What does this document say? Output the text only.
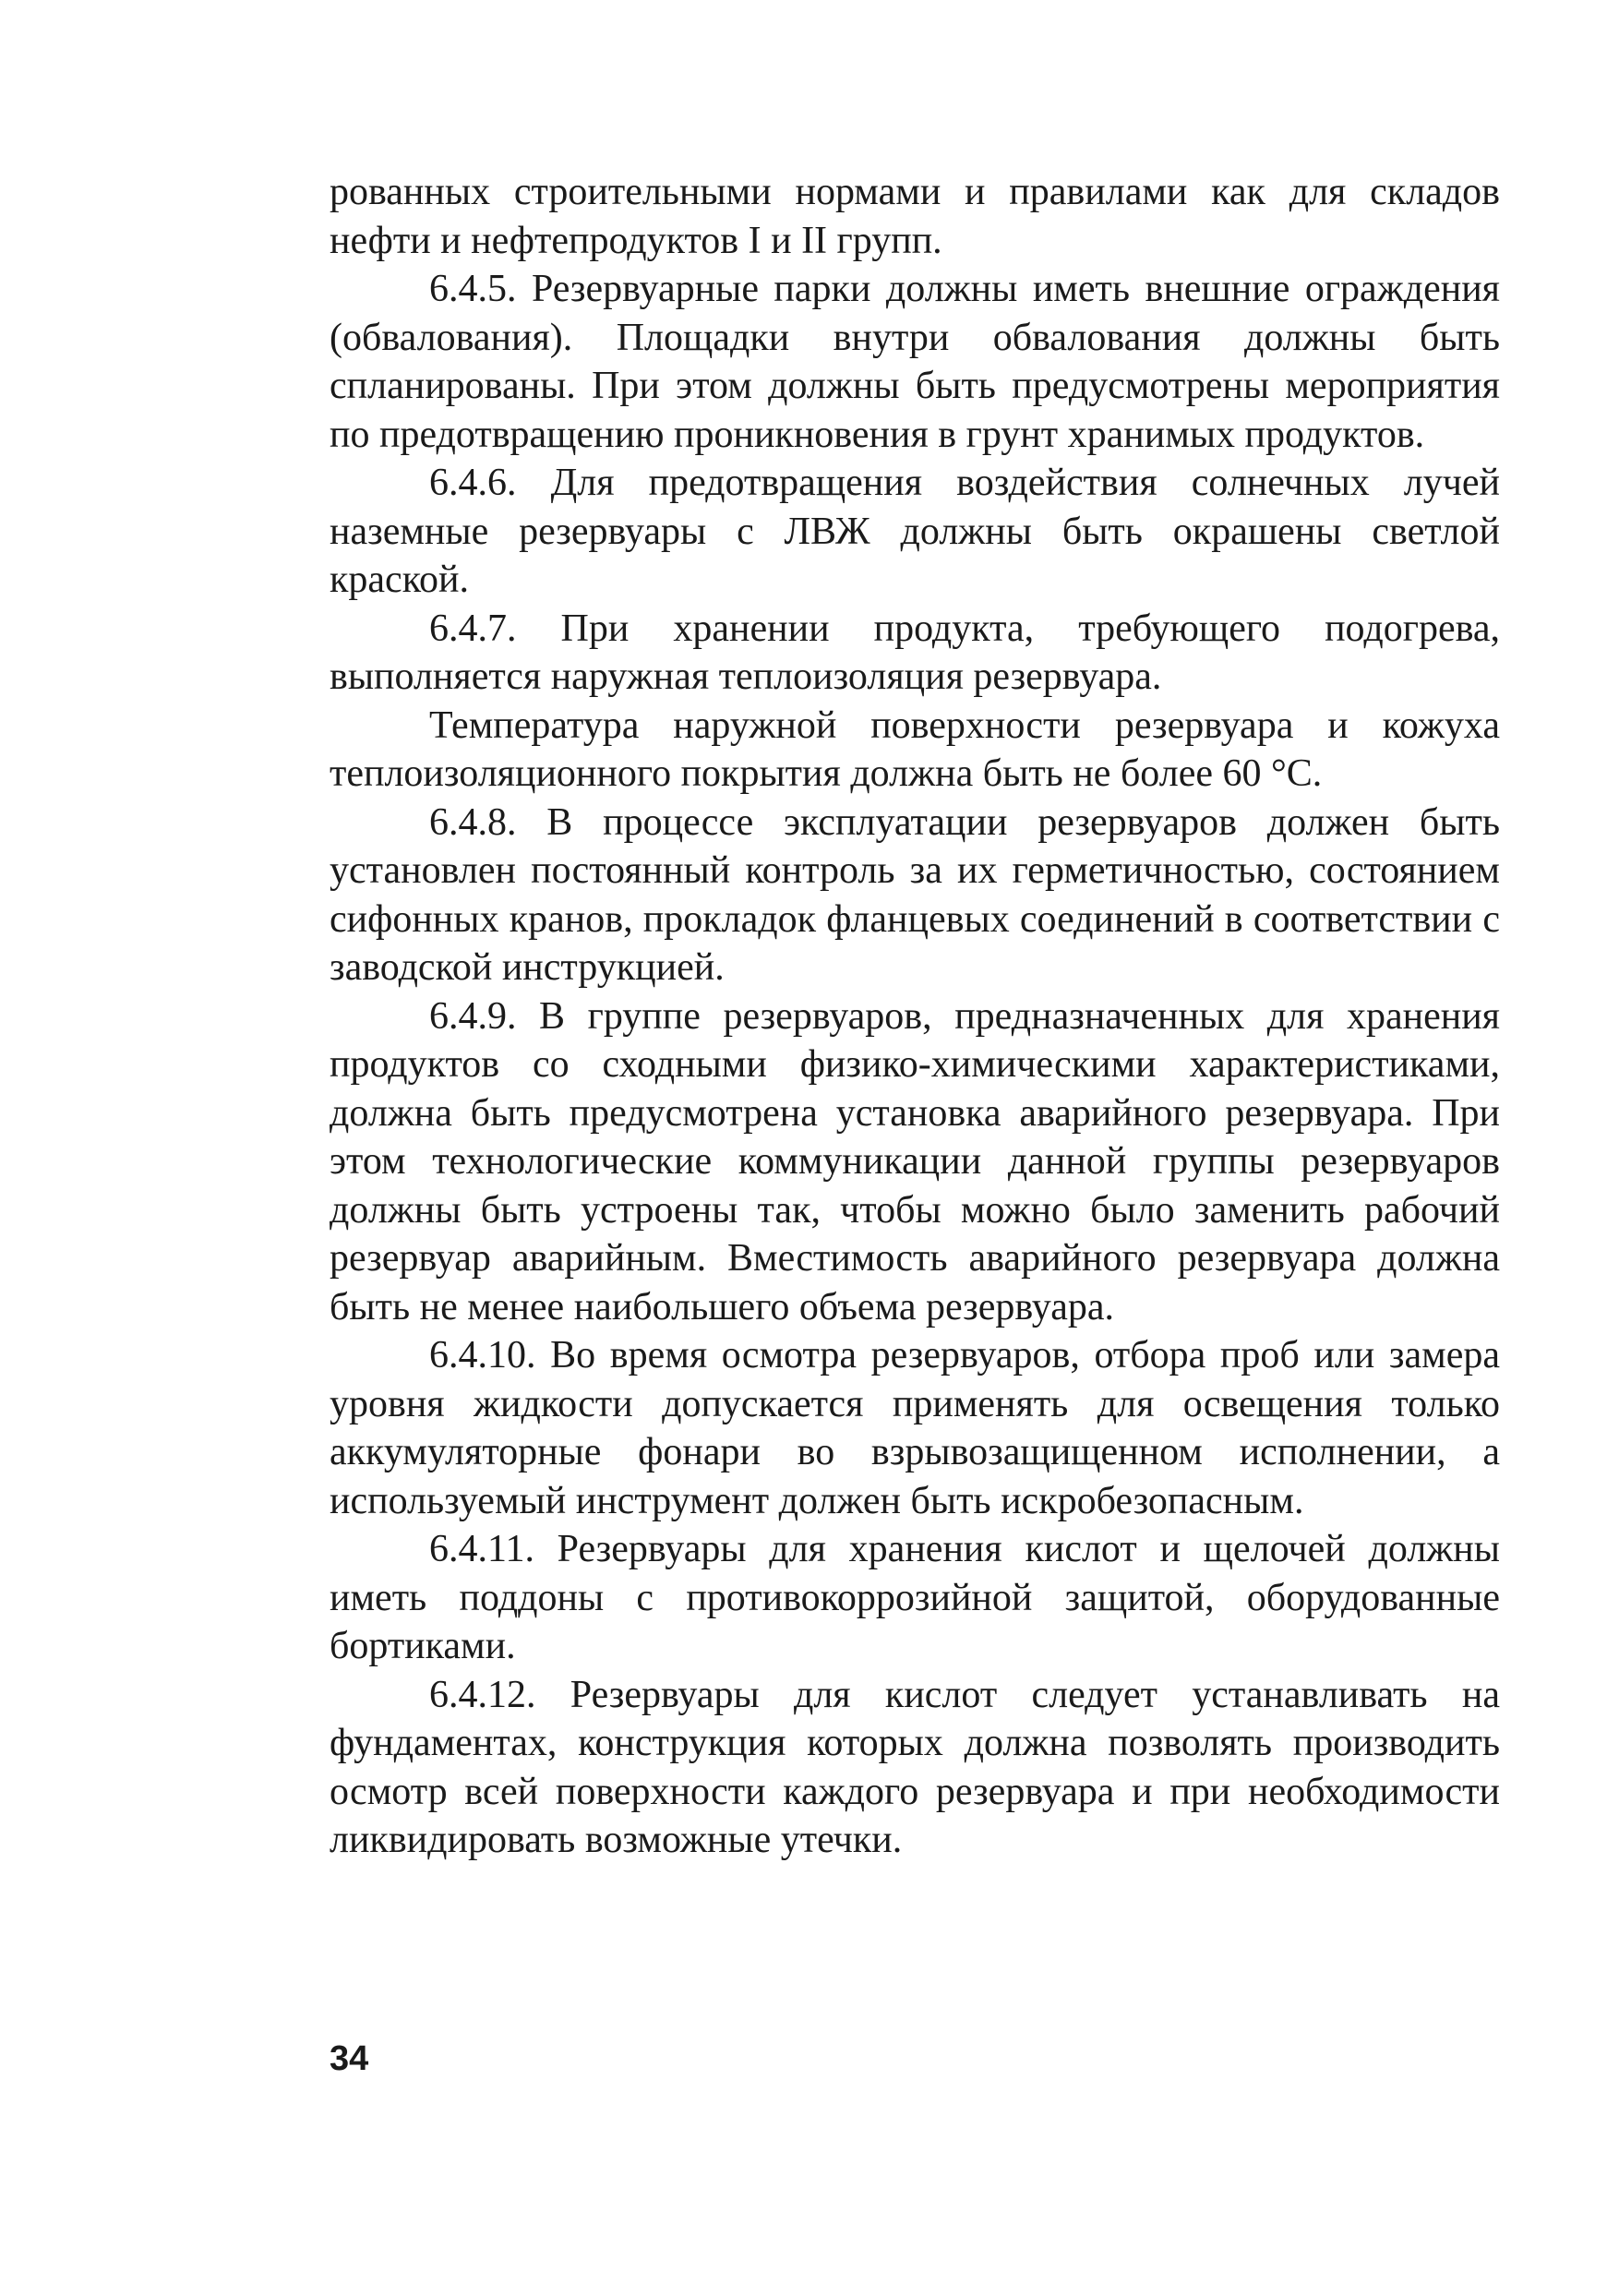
рованных строительными нормами и правилами как для складов нефти и нефтепродуктов I и II групп.

6.4.5. Резервуарные парки должны иметь внешние ограждения (обвалования). Площадки внутри обвалования должны быть спланированы. При этом должны быть предусмотрены мероприятия по предотвращению проникновения в грунт хранимых продуктов.

6.4.6. Для предотвращения воздействия солнечных лучей наземные резервуары с ЛВЖ должны быть окрашены светлой краской.

6.4.7. При хранении продукта, требующего подогрева, выполняется наружная теплоизоляция резервуара.

Температура наружной поверхности резервуара и кожуха теплоизоляционного покрытия должна быть не более 60 °С.

6.4.8. В процессе эксплуатации резервуаров должен быть установлен постоянный контроль за их герметичностью, состоянием сифонных кранов, прокладок фланцевых соединений в соответствии с заводской инструкцией.

6.4.9. В группе резервуаров, предназначенных для хранения продуктов со сходными физико-химическими характеристиками, должна быть предусмотрена установка аварийного резервуара. При этом технологические коммуникации данной группы резервуаров должны быть устроены так, чтобы можно было заменить рабочий резервуар аварийным. Вместимость аварийного резервуара должна быть не менее наибольшего объема резервуара.

6.4.10. Во время осмотра резервуаров, отбора проб или замера уровня жидкости допускается применять для освещения только аккумуляторные фонари во взрывозащищенном исполнении, а используемый инструмент должен быть искробезопасным.

6.4.11. Резервуары для хранения кислот и щелочей должны иметь поддоны с противокоррозийной защитой, оборудованные бортиками.

6.4.12. Резервуары для кислот следует устанавливать на фундаментах, конструкция которых должна позволять производить осмотр всей поверхности каждого резервуара и при необходимости ликвидировать возможные утечки.

34
